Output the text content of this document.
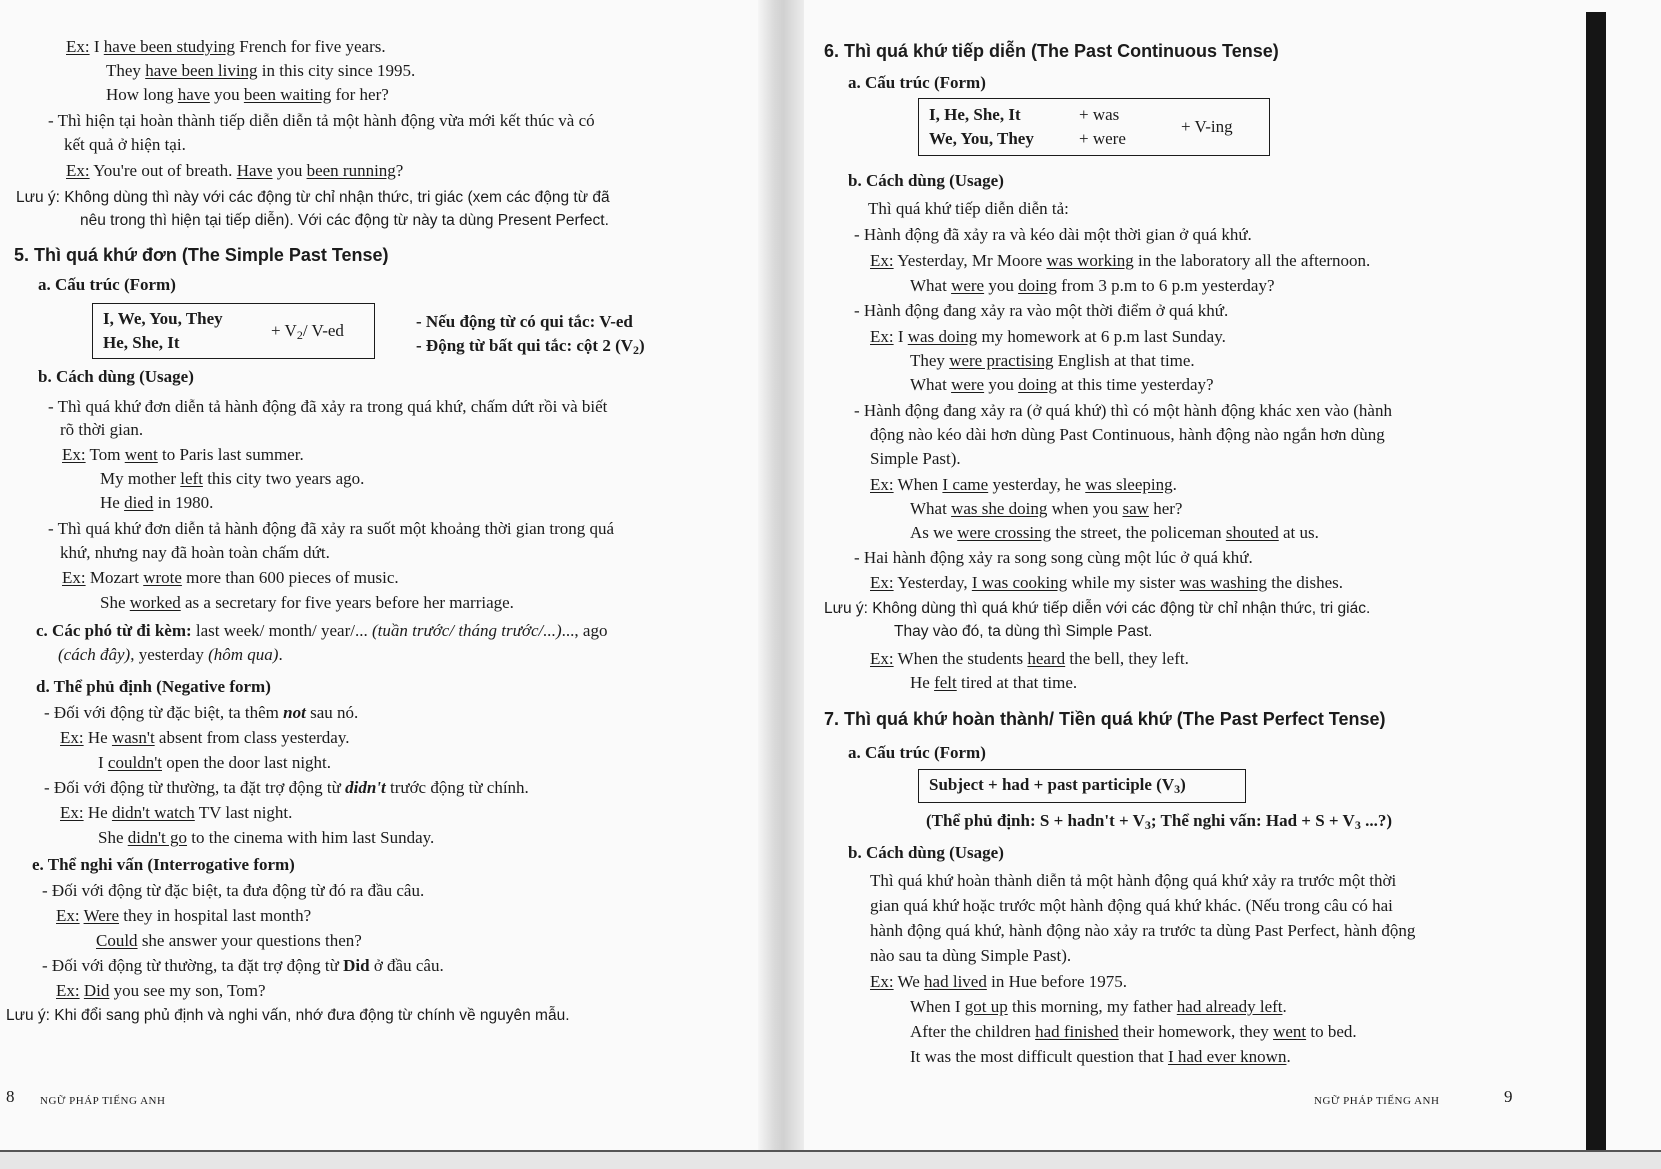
Ex: I have been studying French for five years.
They have been living in this city since 1995.
How long have you been waiting for her?
- Thì hiện tại hoàn thành tiếp diễn diễn tả một hành động vừa mới kết thúc và có
kết quả ở hiện tại.
Ex: You're out of breath. Have you been running?
Lưu ý: Không dùng thì này với các động từ chỉ nhận thức, tri giác (xem các động từ đã
nêu trong thì hiện tại tiếp diễn). Với các động từ này ta dùng Present Perfect.
5. Thì quá khứ đơn (The Simple Past Tense)
a. Cấu trúc (Form)
I, We, You, They
He, She, It
+ $V_2/$ V-ed	- Nếu động từ có qui tắc: V-ed
- Động từ bất qui tắc: cột 2 $(V_2)$
b. Cách dùng (Usage)
- Thì quá khứ đơn diễn tả hành động đã xảy ra trong quá khứ, chấm dứt rồi và biết
rõ thời gian.
Ex: Tom went to Paris last summer.
My mother left this city two years ago.
He died in 1980.
- Thì quá khứ đơn diễn tả hành động đã xảy ra suốt một khoảng thời gian trong quá
khứ, nhưng nay đã hoàn toàn chấm dứt.
Ex: Mozart wrote more than 600 pieces of music.
She worked as a secretary for five years before her marriage.
c. Các phó từ đi kèm: last week/ month/ year/... (tuần trước/ tháng trước/...)..., ago
(cách đây), yesterday (hôm qua).
d. Thể phủ định (Negative form)
- Đối với động từ đặc biệt, ta thêm not sau nó.
Ex: He wasn't absent from class yesterday.
I couldn't open the door last night.
- Đối với động từ thường, ta đặt trợ động từ didn't trước động từ chính.
Ex: He didn't watch TV last night.
She didn't go to the cinema with him last Sunday.
e. Thể nghi vấn (Interrogative form)
- Đối với động từ đặc biệt, ta đưa động từ đó ra đầu câu.
Ex: Were they in hospital last month?
Could she answer your questions then?
- Đối với động từ thường, ta đặt trợ động từ Did ở đầu câu.
Ex: Did you see my son, Tom?
Lưu ý: Khi đổi sang phủ định và nghi vấn, nhớ đưa động từ chính về nguyên mẫu.
8 NGỮ PHÁP TIẾNG ANH
6. Thì quá khứ tiếp diễn (The Past Continuous Tense)
a. Cấu trúc (Form)
I, He, She, It	+ was
We, You, They	+ were
+ V-ing
b. Cách dùng (Usage)
Thì quá khứ tiếp diễn diễn tả:
- Hành động đã xảy ra và kéo dài một thời gian ở quá khứ.
Ex: Yesterday, Mr Moore was working in the laboratory all the afternoon.
What were you doing from 3 p.m to 6 p.m yesterday?
- Hành động đang xảy ra vào một thời điểm ở quá khứ.
Ex: I was doing my homework at 6 p.m last Sunday.
They were practising English at that time.
What were you doing at this time yesterday?
- Hành động đang xảy ra (ở quá khứ) thì có một hành động khác xen vào (hành
động nào kéo dài hơn dùng Past Continuous, hành động nào ngắn hơn dùng
Simple Past).
Ex: When I came yesterday, he was sleeping.
What was she doing when you saw her?
As we were crossing the street, the policeman shouted at us.
- Hai hành động xảy ra song song cùng một lúc ở quá khứ.
Ex: Yesterday, I was cooking while my sister was washing the dishes.
Lưu ý: Không dùng thì quá khứ tiếp diễn với các động từ chỉ nhận thức, tri giác.
Thay vào đó, ta dùng thì Simple Past.
Ex: When the students heard the bell, they left.
He felt tired at that time.
7. Thì quá khứ hoàn thành/ Tiền quá khứ (The Past Perfect Tense)
a. Cấu trúc (Form)
Subject + had + past participle $(V_3)$
(Thể phủ định: S + hadn't + $V_3$; Thể nghi vấn: Had + $S + V_3$ ...?)
b. Cách dùng (Usage)
Thì quá khứ hoàn thành diễn tả một hành động quá khứ xảy ra trước một thời
gian quá khứ hoặc trước một hành động quá khứ khác. (Nếu trong câu có hai
hành động quá khứ, hành động nào xảy ra trước ta dùng Past Perfect, hành động
nào sau ta dùng Simple Past).
Ex: We had lived in Hue before 1975.
When I got up this morning, my father had already left.
After the children had finished their homework, they went to bed.
It was the most difficult question that I had ever known.
NGỮ PHÁP TIẾNG ANH	9
